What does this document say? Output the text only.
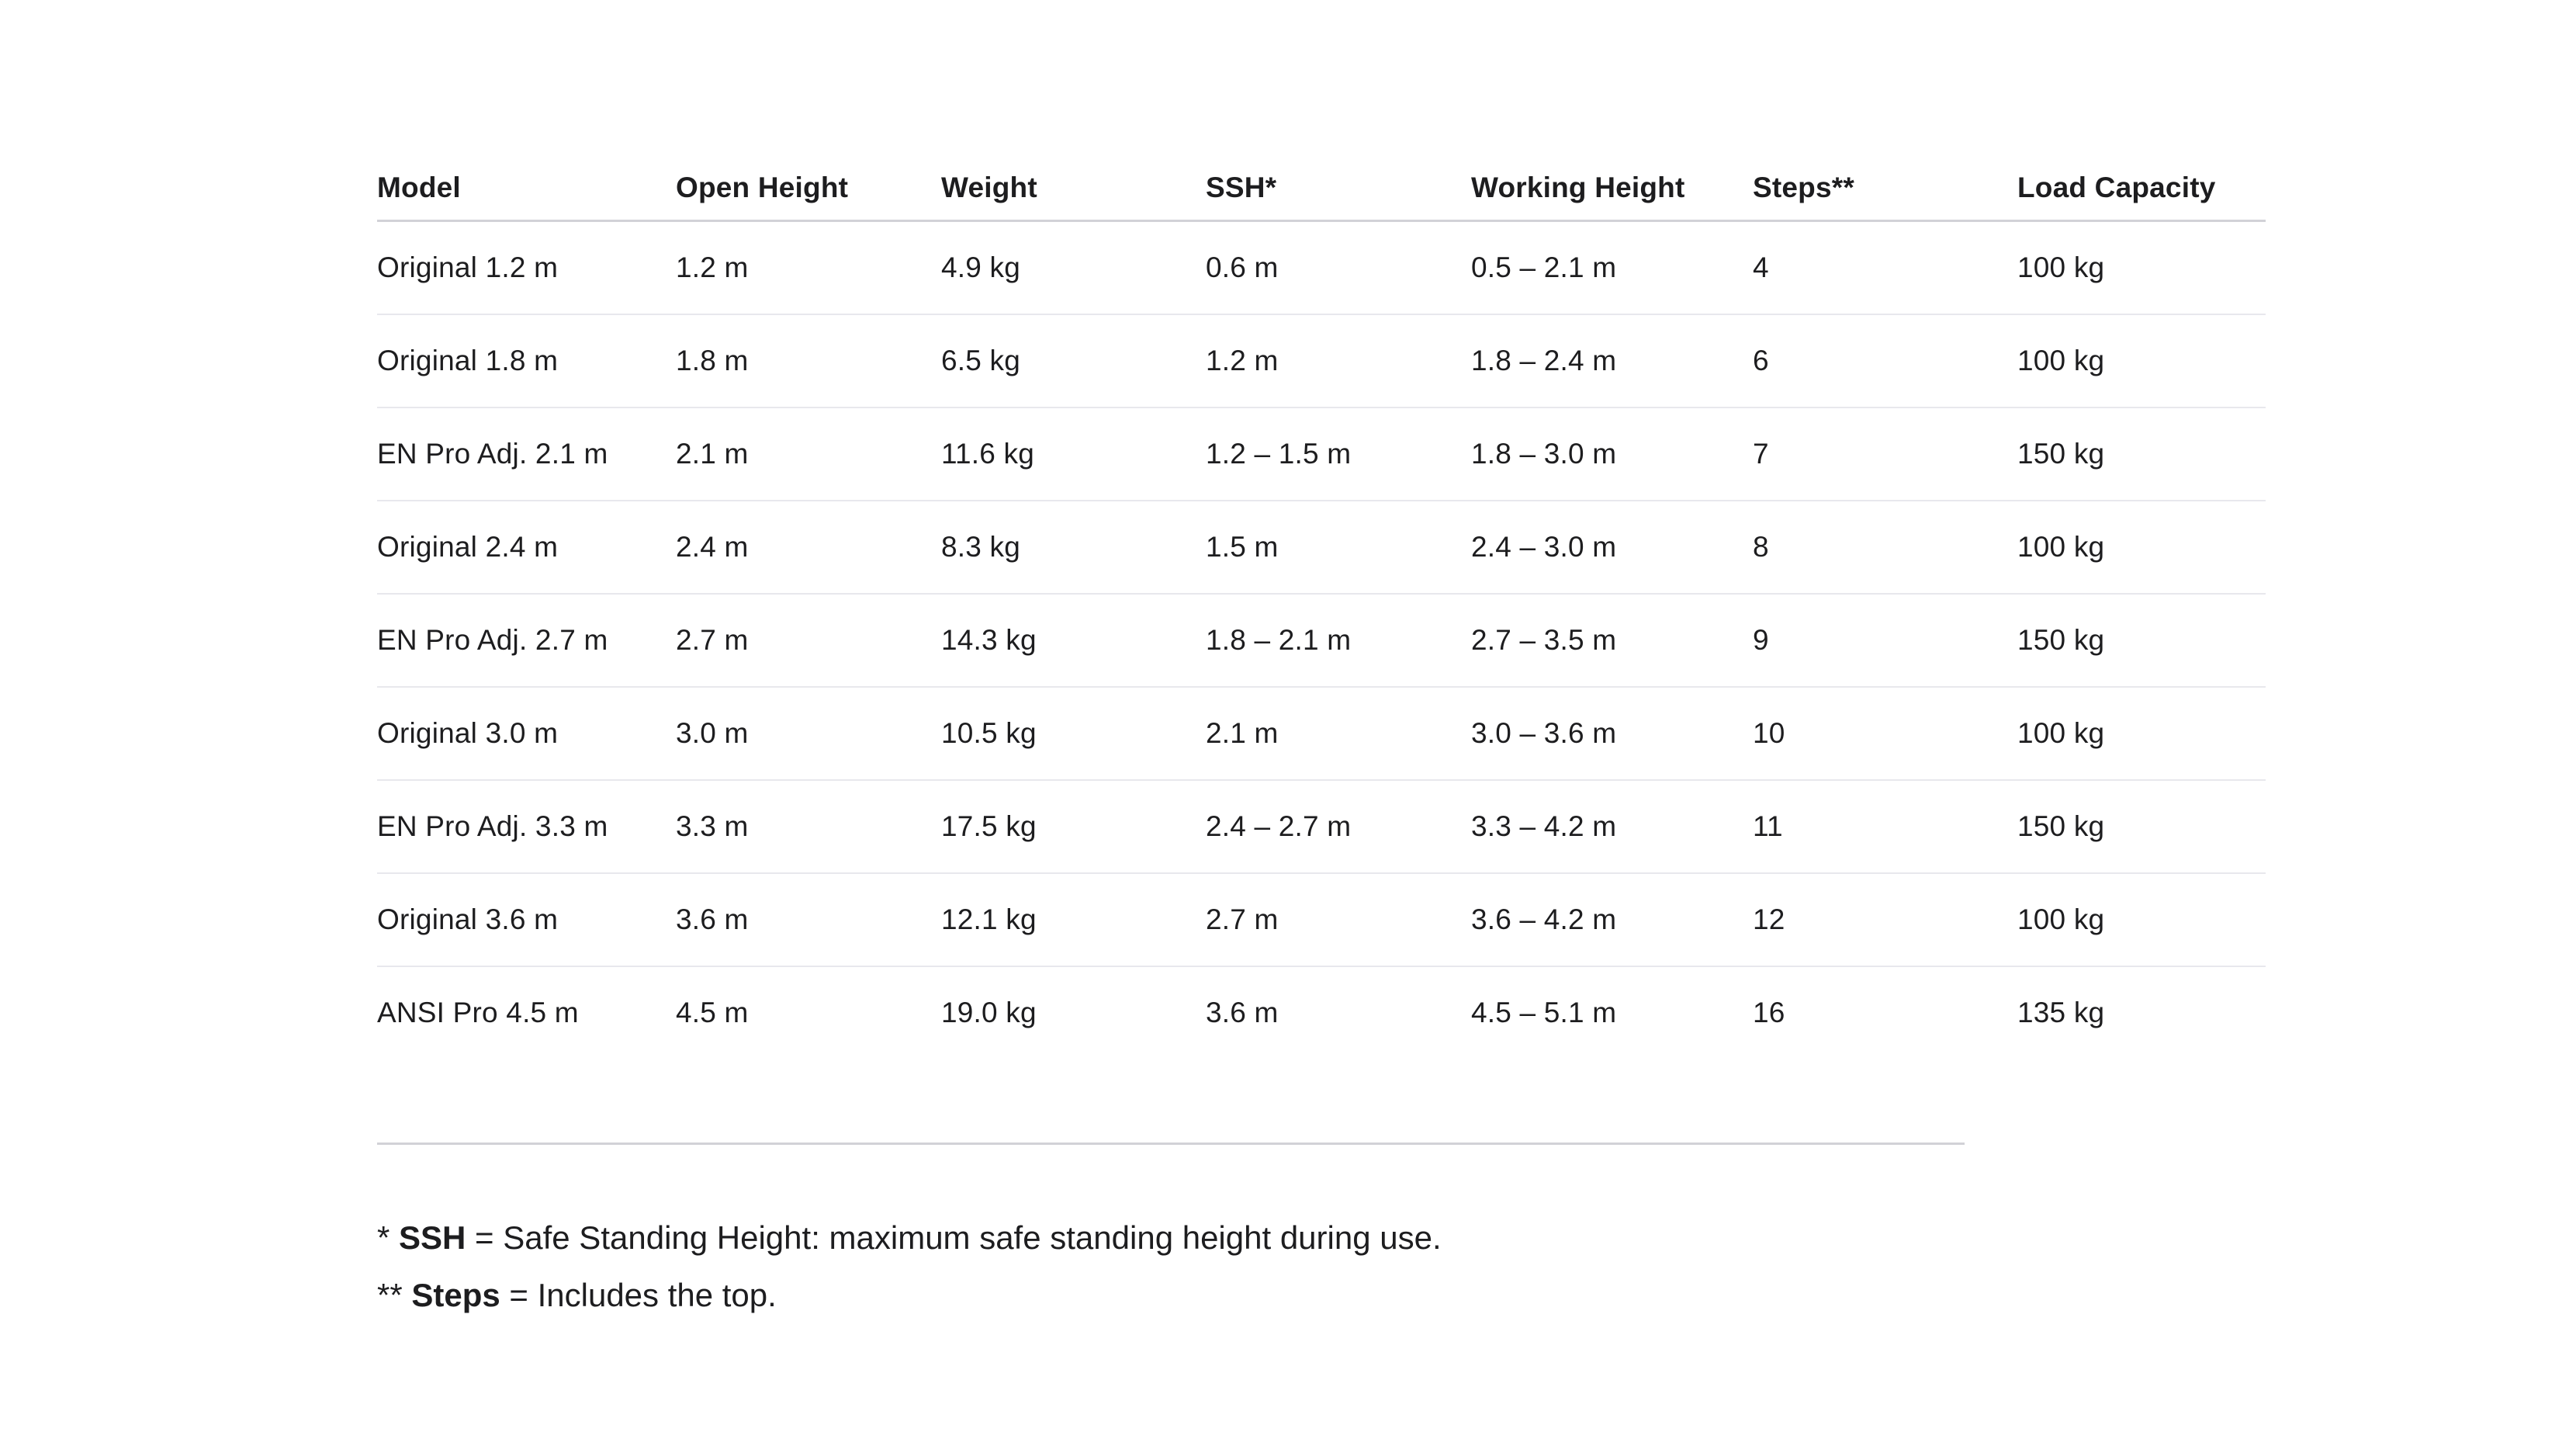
Model	Open Height	Weight	SSH*	Working Height	Steps**	Load Capacity
Original 1.2 m	1.2 m	4.9 kg	0.6 m	0.5 – 2.1 m	4	100 kg
Original 1.8 m	1.8 m	6.5 kg	1.2 m	1.8 – 2.4 m	6	100 kg
EN Pro Adj. 2.1 m	2.1 m	11.6 kg	1.2 – 1.5 m	1.8 – 3.0 m	7	150 kg
Original 2.4 m	2.4 m	8.3 kg	1.5 m	2.4 – 3.0 m	8	100 kg
EN Pro Adj. 2.7 m	2.7 m	14.3 kg	1.8 – 2.1 m	2.7 – 3.5 m	9	150 kg
Original 3.0 m	3.0 m	10.5 kg	2.1 m	3.0 – 3.6 m	10	100 kg
EN Pro Adj. 3.3 m	3.3 m	17.5 kg	2.4 – 2.7 m	3.3 – 4.2 m	11	150 kg
Original 3.6 m	3.6 m	12.1 kg	2.7 m	3.6 – 4.2 m	12	100 kg
ANSI Pro 4.5 m	4.5 m	19.0 kg	3.6 m	4.5 – 5.1 m	16	135 kg
* SSH = Safe Standing Height: maximum safe standing height during use.
** Steps = Includes the top.
